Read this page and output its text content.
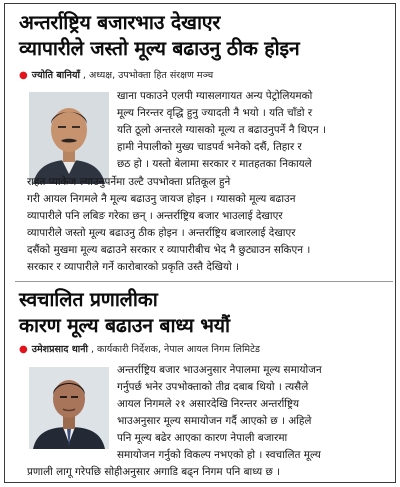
अन्तर्राष्ट्रिय बजारभाउ देखाएर
व्यापारीले जस्तो मूल्य बढाउनु ठीक होइन
● ज्योति बानियाँ , अध्यक्ष, उपभोक्ता हित संरक्षण मञ्च
खाना पकाउने एलपी ग्यासलगायत अन्य पेट्रोलियमको
मूल्य निरन्तर वृद्धि हुनु ज्यादती नै भयो । यति चाँडो र
यति ठूलो अन्तरले ग्यासको मूल्य त बढाउनुपर्ने नै थिएन ।
हामी नेपालीको मुख्य चाडपर्व भनेको दसैं, तिहार र
छठ हो । यस्तो बेलामा सरकार र मातहतका निकायले
राहत प्याकेज ल्याउनुपर्नेमा उल्टै उपभोक्ता प्रतिकूल हुने
गरी आयल निगमले नै मूल्य बढाउनु जायज होइन । ग्यासको मूल्य बढाउन
व्यापारीले पनि लबिङ गरेका छन् । अन्तर्राष्ट्रिय बजार भाउलाई देखाएर
व्यापारीले जस्तो मूल्य बढाउनु ठीक होइन । अन्तर्राष्ट्रिय बजारलाई देखाएर
दसैंको मुखमा मूल्य बढाउने सरकार र व्यापारीबीच भेद नै छुट्याउन सकिएन ।
सरकार र व्यापारीले गर्ने कारोबारको प्रकृति उस्तै देखियो ।
स्वचालित प्रणालीका
कारण मूल्य बढाउन बाध्य भयौं
● उमेशप्रसाद थानी , कार्यकारी निर्देशक, नेपाल आयल निगम लिमिटेड
अन्तर्राष्ट्रिय बजार भाउअनुसार नेपालमा मूल्य समायोजन
गर्नुपर्छ भनेर उपभोक्ताको तीव्र दबाब थियो । त्यसैले
आयल निगमले २१ असारदेखि निरन्तर अन्तर्राष्ट्रिय
भाउअनुसार मूल्य समायोजन गर्दै आएको छ । अहिले
पनि मूल्य बढेर आएका कारण नेपाली बजारमा
समायोजन गर्नुको विकल्प नभएको हो । स्वचालित मूल्य
प्रणाली लागू गरेपछि सोहीअनुसार अगाडि बढ्न निगम पनि बाध्य छ ।
